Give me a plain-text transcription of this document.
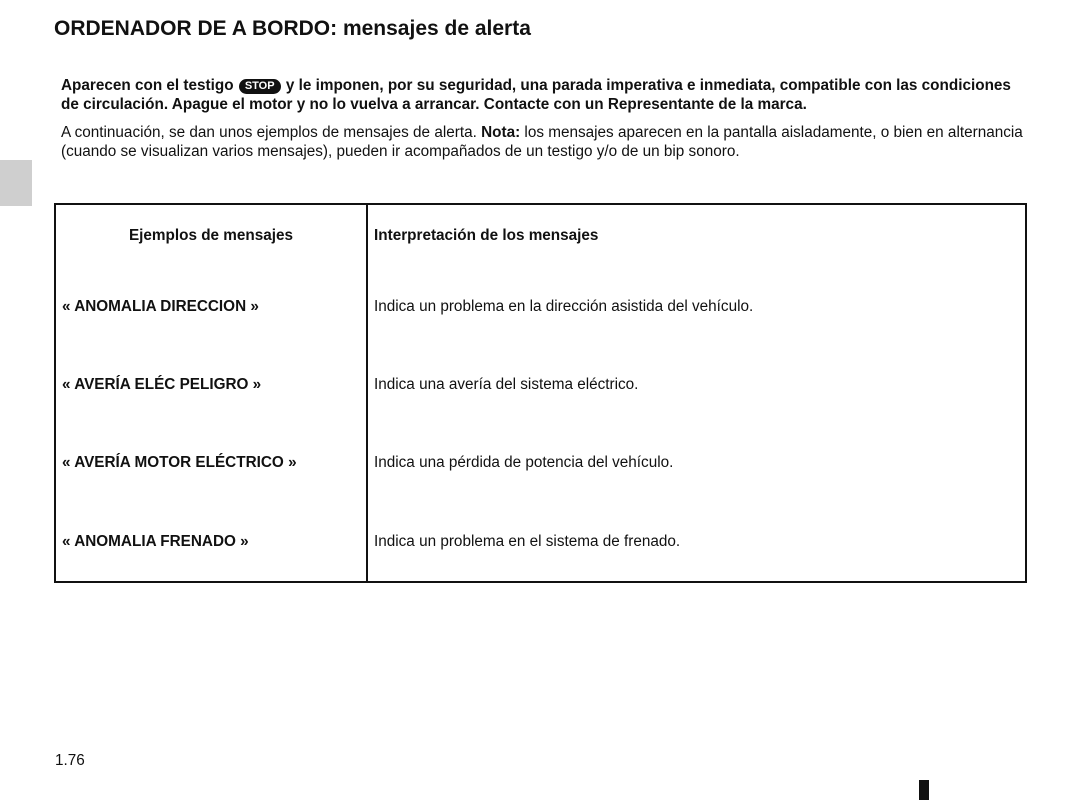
ORDENADOR DE A BORDO: mensajes de alerta

Aparecen con el testigo STOP y le imponen, por su seguridad, una parada imperativa e inmediata, compatible con las condiciones de circulación. Apague el motor y no lo vuelva a arrancar. Contacte con un Representante de la marca.

A continuación, se dan unos ejemplos de mensajes de alerta. Nota: los mensajes aparecen en la pantalla aisladamente, o bien en alternancia (cuando se visualizan varios mensajes), pueden ir acompañados de un testigo y/o de un bip sonoro.

Ejemplos de mensajes	Interpretación de los mensajes
« ANOMALIA DIRECCION »	Indica un problema en la dirección asistida del vehículo.
« AVERÍA ELÉC PELIGRO »	Indica una avería del sistema eléctrico.
« AVERÍA MOTOR ELÉCTRICO »	Indica una pérdida de potencia del vehículo.
« ANOMALIA FRENADO »	Indica un problema en el sistema de frenado.
1.76
